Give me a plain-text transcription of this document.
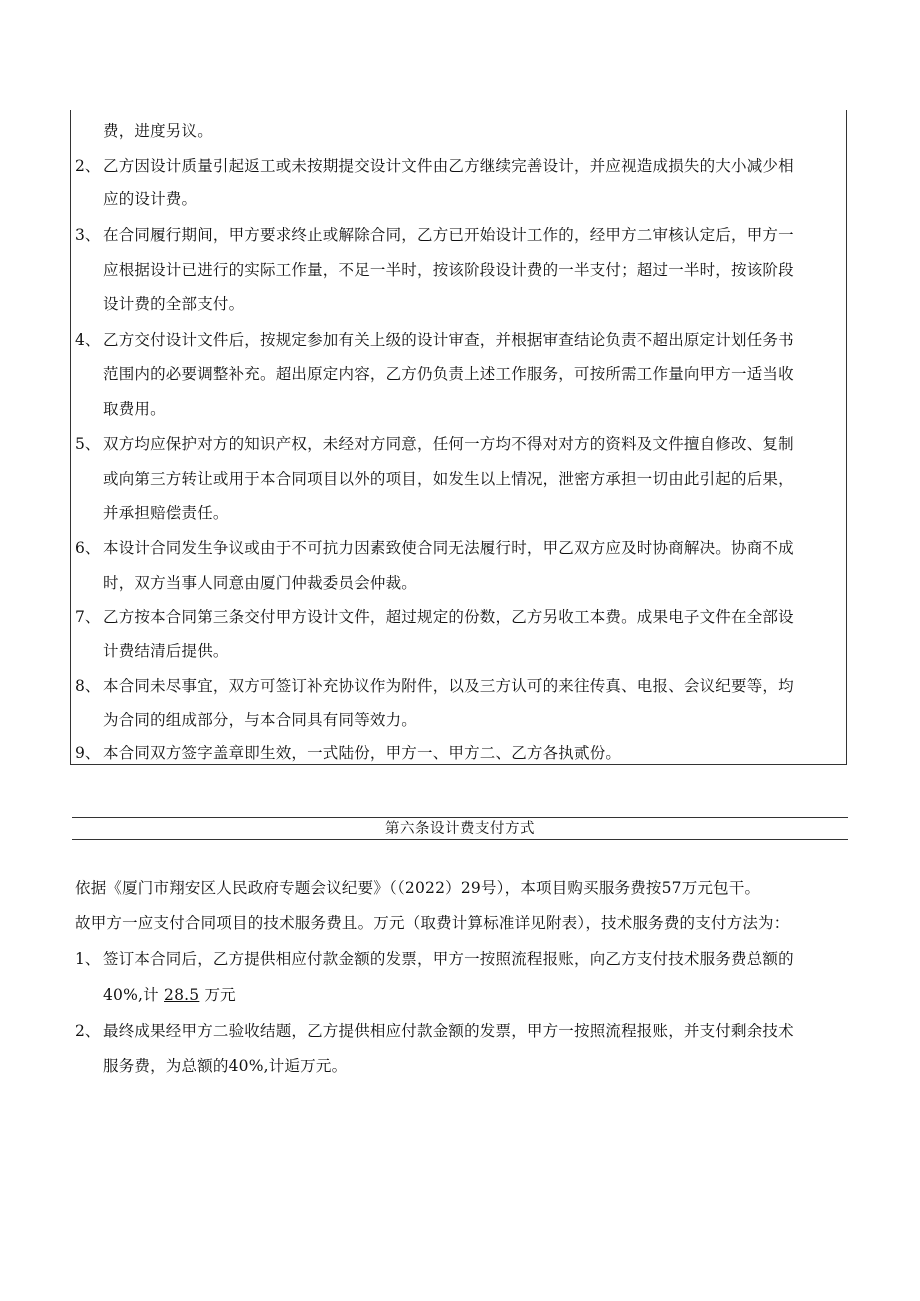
费，进度另议。
2、 乙方因设计质量引起返工或未按期提交设计文件由乙方继续完善设计，并应视造成损失的大小减少相
应的设计费。
3、 在合同履行期间，甲方要求终止或解除合同，乙方已开始设计工作的，经甲方二审核认定后，甲方一
应根据设计已进行的实际工作量，不足一半时，按该阶段设计费的一半支付；超过一半时，按该阶段
设计费的全部支付。
4、 乙方交付设计文件后，按规定参加有关上级的设计审查，并根据审查结论负责不超出原定计划任务书
范围内的必要调整补充。超出原定内容，乙方仍负责上述工作服务，可按所需工作量向甲方一适当收
取费用。
5、 双方均应保护对方的知识产权，未经对方同意，任何一方均不得对对方的资料及文件擅自修改、复制
或向第三方转让或用于本合同项目以外的项目，如发生以上情况，泄密方承担一切由此引起的后果，
并承担赔偿责任。
6、 本设计合同发生争议或由于不可抗力因素致使合同无法履行时，甲乙双方应及时协商解决。协商不成
时，双方当事人同意由厦门仲裁委员会仲裁。
7、 乙方按本合同第三条交付甲方设计文件，超过规定的份数，乙方另收工本费。成果电子文件在全部设
计费结清后提供。
8、 本合同未尽事宜，双方可签订补充协议作为附件，以及三方认可的来往传真、电报、会议纪要等，均
为合同的组成部分，与本合同具有同等效力。
9、 本合同双方签字盖章即生效，一式陆份，甲方一、甲方二、乙方各执贰份。
第六条设计费支付方式
依据《厦门市翔安区人民政府专题会议纪要》（（2022）29号），本项目购买服务费按57万元包干。
故甲方一应支付合同项目的技术服务费且。万元（取费计算标准详见附表），技术服务费的支付方法为：
1、 签订本合同后，乙方提供相应付款金额的发票，甲方一按照流程报账，向乙方支付技术服务费总额的
40%,计 28.5 万元
2、 最终成果经甲方二验收结题，乙方提供相应付款金额的发票，甲方一按照流程报账，并支付剩余技术
服务费，为总额的40%,计逅万元。
